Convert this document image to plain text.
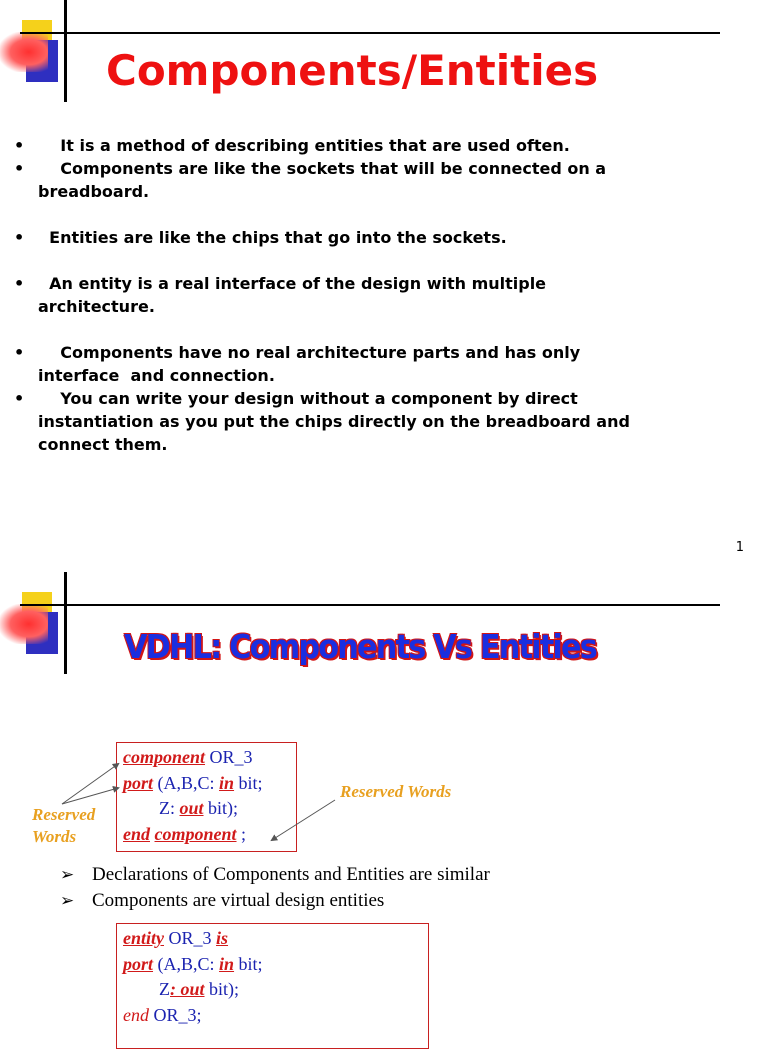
Components/Entities
• It is a method of describing entities that are used often.
•	Components are like the sockets that will be connected on a
breadboard.
• Entities are like the chips that go into the sockets.
•	An entity is a real interface of the design with multiple
architecture.
•	Components have no real architecture parts and has only
interface  and connection.
•	You can write your design without a component by direct
instantiation as you put the chips directly on the breadboard and
connect them.
1
VDHL: Components Vs Entities
component OR_3
port (A,B,C: in bit;
Z: out bit);
end component ;
Reserved
Words
Reserved Words
➢ Declarations of Components and Entities are similar
➢ Components are virtual design entities
entity OR_3 is
port (A,B,C: in bit;
Z: out bit);
end OR_3;
